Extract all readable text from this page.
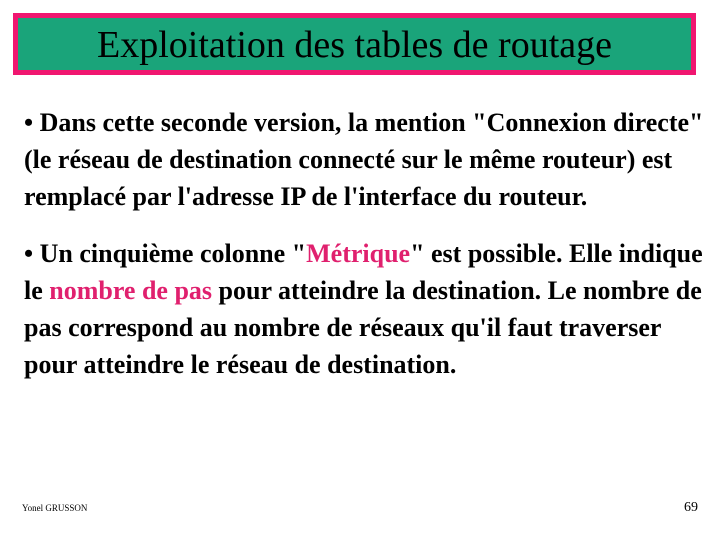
Exploitation des tables de routage

• Dans cette seconde version, la mention "Connexion directe" (le réseau de destination connecté sur le même routeur) est remplacé par l'adresse IP de l'interface du routeur.

• Un cinquième colonne "Métrique" est possible. Elle indique le nombre de pas pour atteindre la destination. Le nombre de pas correspond au nombre de réseaux qu'il faut traverser pour atteindre le réseau de destination.

Yonel GRUSSON	69
